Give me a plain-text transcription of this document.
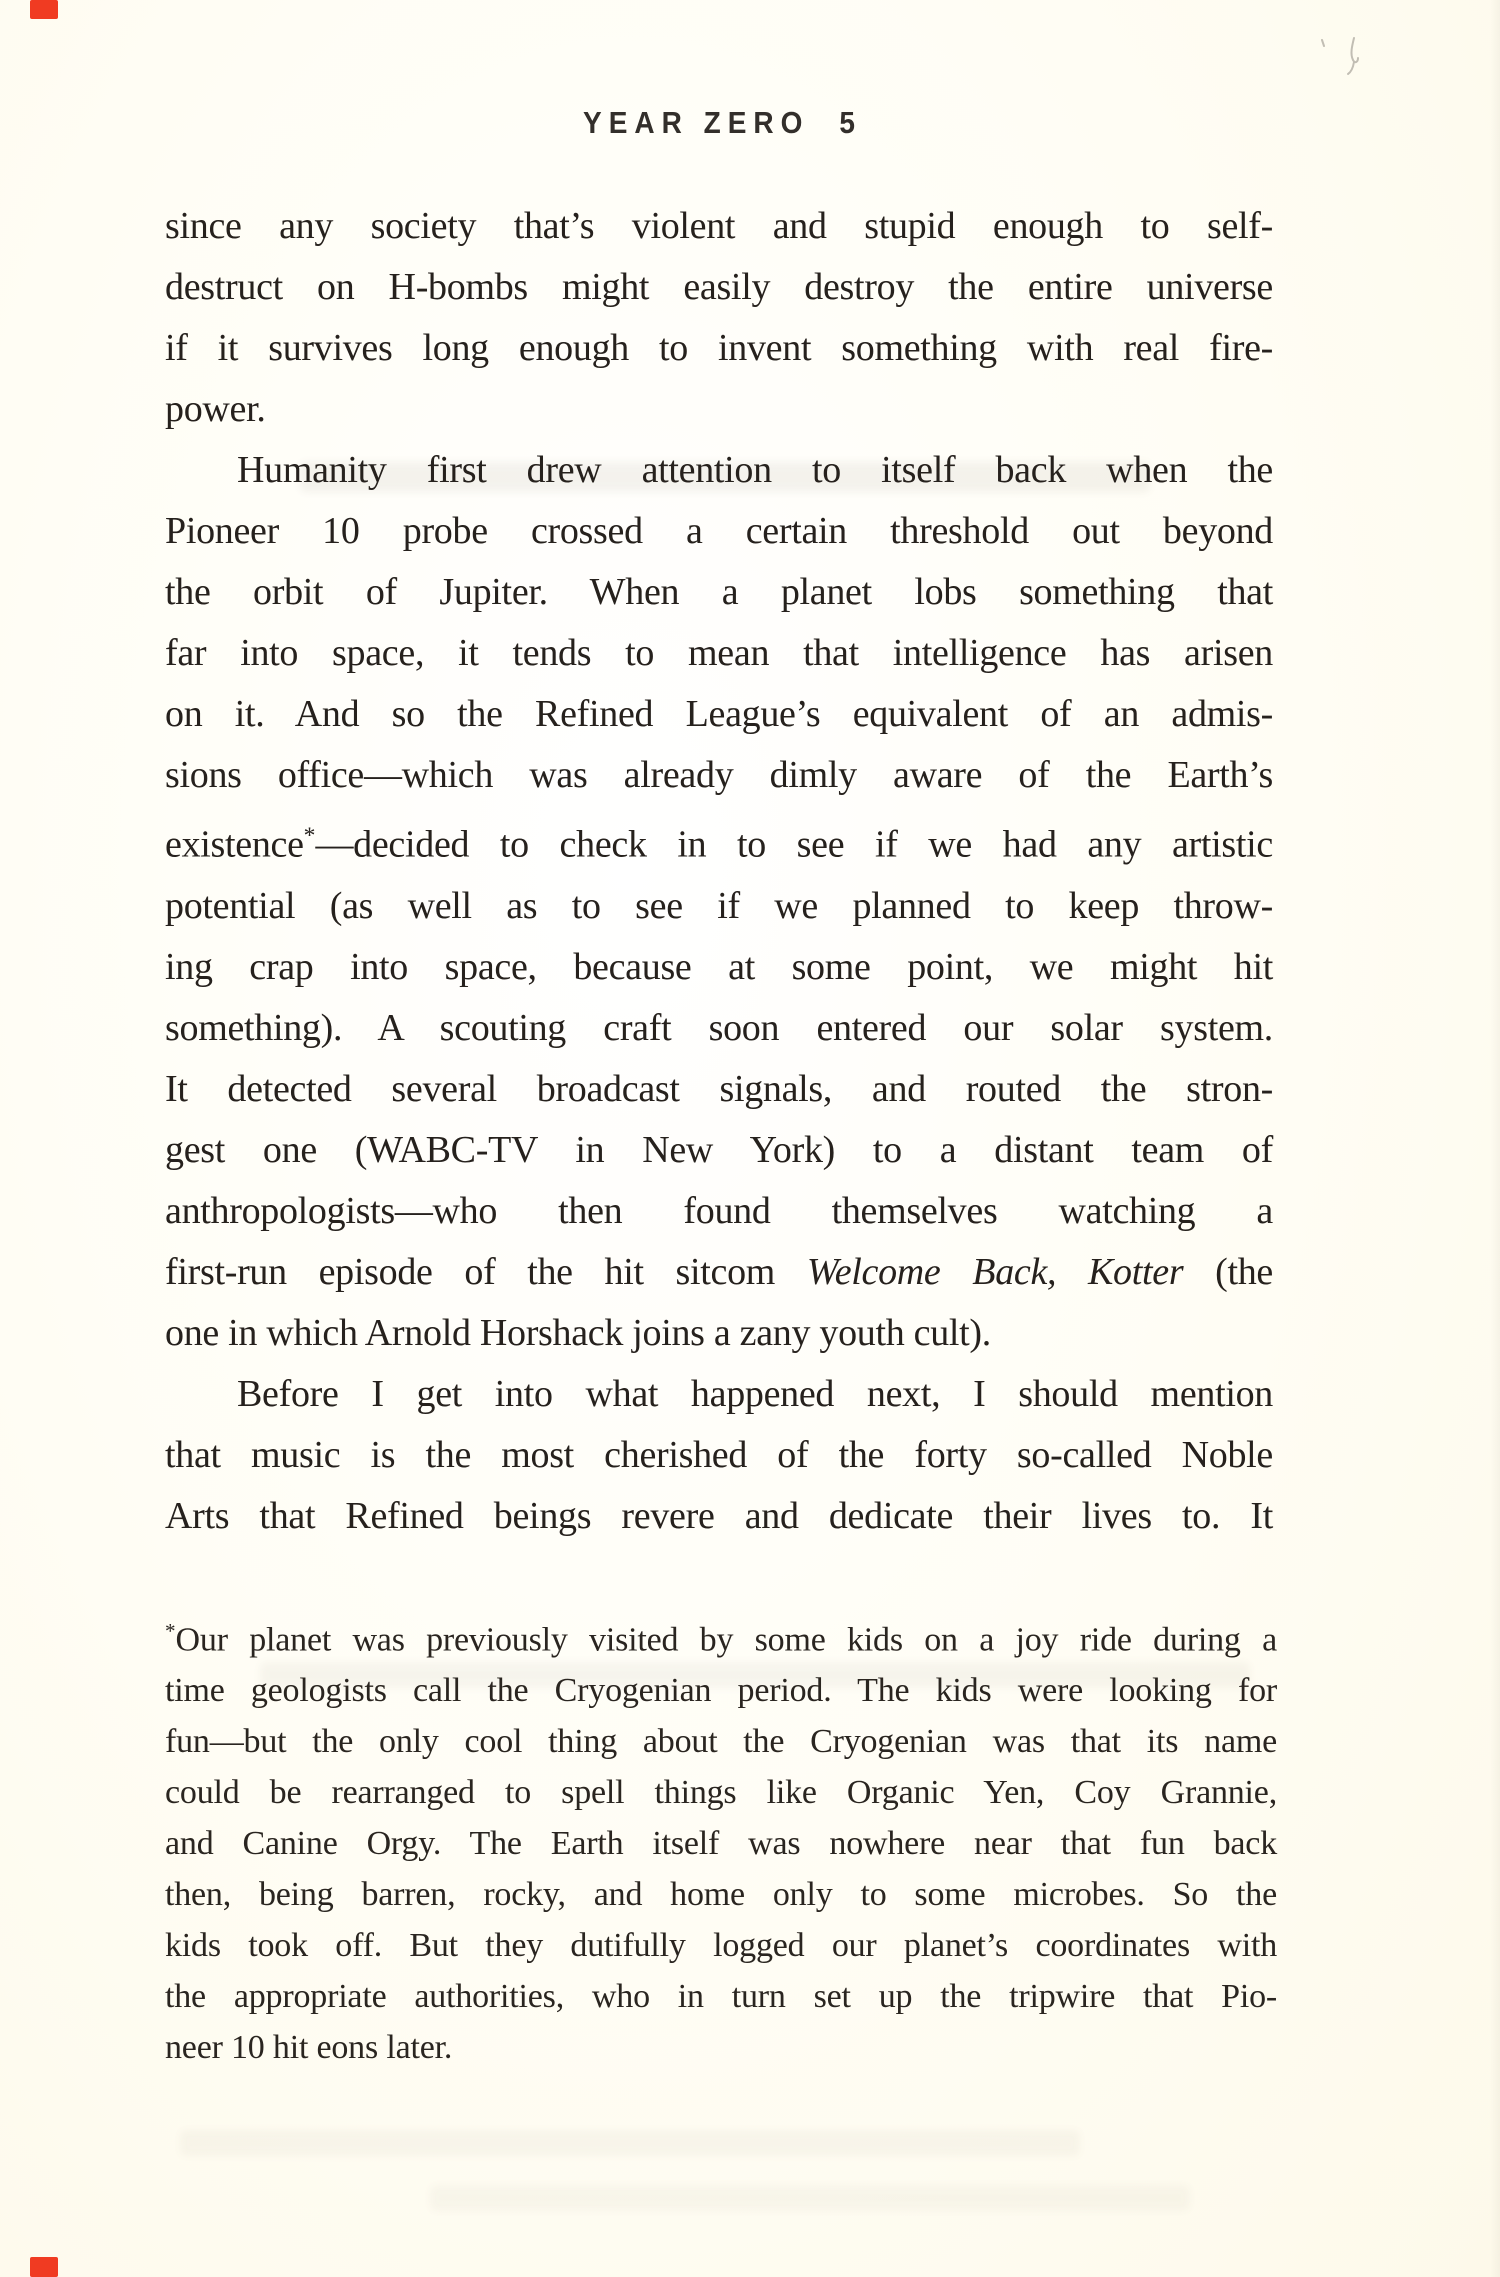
YEAR ZERO 5
since any society that’s violent and stupid enough to self-
destruct on H-bombs might easily destroy the entire universe
if it survives long enough to invent something with real fire-
power.
Humanity first drew attention to itself back when the
Pioneer 10 probe crossed a certain threshold out beyond
the orbit of Jupiter. When a planet lobs something that
far into space, it tends to mean that intelligence has arisen
on it. And so the Refined League’s equivalent of an admis-
sions office—which was already dimly aware of the Earth’s
existence*—decided to check in to see if we had any artistic
potential (as well as to see if we planned to keep throw-
ing crap into space, because at some point, we might hit
something). A scouting craft soon entered our solar system.
It detected several broadcast signals, and routed the stron-
gest one (WABC-TV in New York) to a distant team of
anthropologists—who then found themselves watching a
first-run episode of the hit sitcom Welcome Back, Kotter (the
one in which Arnold Horshack joins a zany youth cult).
Before I get into what happened next, I should mention
that music is the most cherished of the forty so-called Noble
Arts that Refined beings revere and dedicate their lives to. It
*Our planet was previously visited by some kids on a joy ride during a
time geologists call the Cryogenian period. The kids were looking for
fun—but the only cool thing about the Cryogenian was that its name
could be rearranged to spell things like Organic Yen, Coy Grannie,
and Canine Orgy. The Earth itself was nowhere near that fun back
then, being barren, rocky, and home only to some microbes. So the
kids took off. But they dutifully logged our planet’s coordinates with
the appropriate authorities, who in turn set up the tripwire that Pio-
neer 10 hit eons later.
